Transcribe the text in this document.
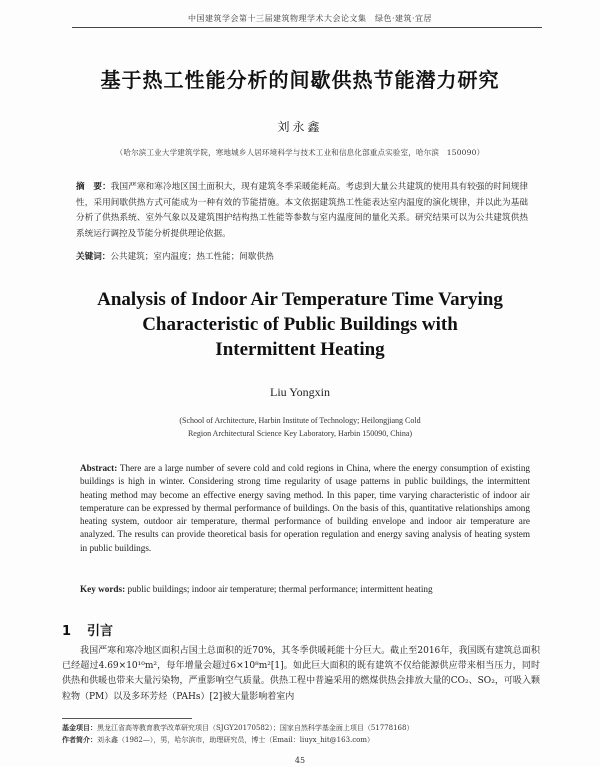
中国建筑学会第十三届建筑物理学术大会论文集　绿色·建筑·宜居
基于热工性能分析的间歇供热节能潜力研究
刘永鑫
（哈尔滨工业大学建筑学院，寒地城乡人居环境科学与技术工业和信息化部重点实验室，哈尔滨　150090）
摘　要：我国严寒和寒冷地区国土面积大，现有建筑冬季采暖能耗高。考虑到大量公共建筑的使用具有较强的时间规律性，采用间歇供热方式可能成为一种有效的节能措施。本文依据建筑热工性能表达室内温度的演化规律，并以此为基础分析了供热系统、室外气象以及建筑围护结构热工性能等参数与室内温度间的量化关系。研究结果可以为公共建筑供热系统运行调控及节能分析提供理论依据。
关键词：公共建筑；室内温度；热工性能；间歇供热
Analysis of Indoor Air Temperature Time Varying
Characteristic of Public Buildings with
Intermittent Heating
Liu Yongxin
(School of Architecture, Harbin Institute of Technology; Heilongjiang Cold
Region Architectural Science Key Laboratory, Harbin 150090, China)
Abstract: There are a large number of severe cold and cold regions in China, where the energy consumption of existing buildings is high in winter. Considering strong time regularity of usage patterns in public buildings, the intermittent heating method may become an effective energy saving method. In this paper, time varying characteristic of indoor air temperature can be expressed by thermal performance of buildings. On the basis of this, quantitative relationships among heating system, outdoor air temperature, thermal performance of building envelope and indoor air temperature are analyzed. The results can provide theoretical basis for operation regulation and energy saving analysis of heating system in public buildings.
Key words: public buildings; indoor air temperature; thermal performance; intermittent heating
1 引言
我国严寒和寒冷地区面积占国土总面积的近70%，其冬季供暖耗能十分巨大。截止至2016年，我国既有建筑总面积已经超过4.69×10¹⁰m²，每年增量会超过6×10⁸m²[1]。如此巨大面积的既有建筑不仅给能源供应带来相当压力，同时供热和供暖也带来大量污染物，严重影响空气质量。供热工程中普遍采用的燃煤供热会排放大量的CO₂、SO₂，可吸入颗粒物（PM）以及多环芳烃（PAHs）[2]被大量影响着室内
基金项目：黑龙江省高等教育教学改革研究项目（SJGY20170582）；国家自然科学基金面上项目（51778168）
作者简介：刘永鑫（1982—），男，哈尔滨市，助理研究员，博士（Email：liuyx_hit@163.com）
45
